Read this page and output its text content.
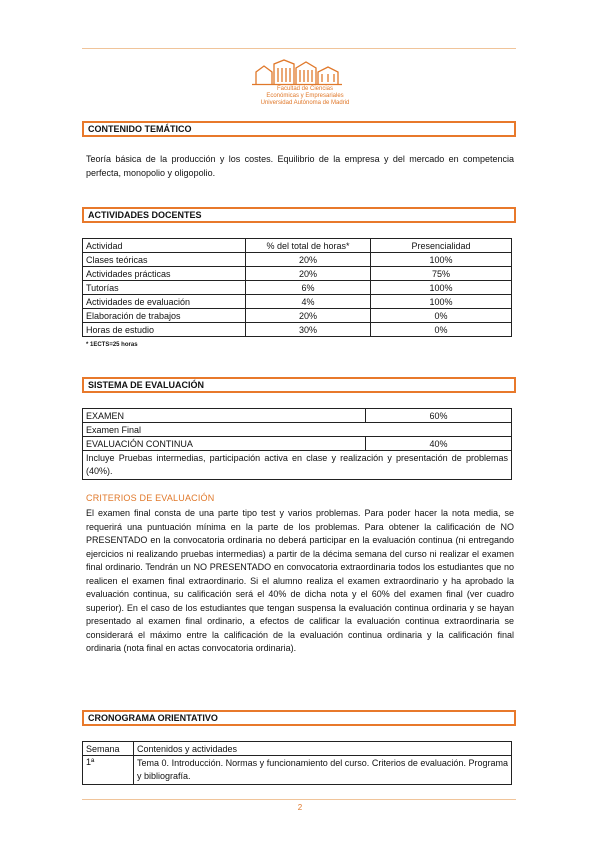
Facultad de Ciencias
Económicas y Empresariales
Universidad Autónoma de Madrid
CONTENIDO TEMÁTICO
Teoría básica de la producción y los costes. Equilibrio de la empresa y del mercado en competencia perfecta, monopolio y oligopolio.
ACTIVIDADES DOCENTES
Actividad	% del total de horas*	Presencialidad
Clases teóricas	20%	100%
Actividades prácticas	20%	75%
Tutorías	6%	100%
Actividades de evaluación	4%	100%
Elaboración de trabajos	20%	0%
Horas de estudio	30%	0%
* 1ECTS=25 horas
SISTEMA DE EVALUACIÓN
EXAMEN	60%
Examen Final	
EVALUACIÓN CONTINUA	40%
Incluye Pruebas intermedias, participación activa en clase y realización y presentación de problemas (40%).	
CRITERIOS DE EVALUACIÓN
El examen final consta de una parte tipo test y varios problemas. Para poder hacer la nota media, se requerirá una puntuación mínima en la parte de los problemas. Para obtener la calificación de NO PRESENTADO en la convocatoria ordinaria no deberá participar en la evaluación continua (ni entregando ejercicios ni realizando pruebas intermedias) a partir de la décima semana del curso ni realizar el examen final ordinario. Tendrán un NO PRESENTADO en convocatoria extraordinaria todos los estudiantes que no realicen el examen final extraordinario. Si el alumno realiza el examen extraordinario y ha aprobado la evaluación continua, su calificación será el 40% de dicha nota y el 60% del examen final (ver cuadro superior). En el caso de los estudiantes que tengan suspensa la evaluación continua ordinaria y se hayan presentado al examen final ordinario, a efectos de calificar la evaluación continua extraordinaria se considerará el máximo entre la calificación de la evaluación continua ordinaria y la calificación final ordinaria (nota final en actas convocatoria ordinaria).
CRONOGRAMA ORIENTATIVO
Semana	Contenidos y actividades
1ª	Tema 0. Introducción. Normas y funcionamiento del curso. Criterios de evaluación. Programa y bibliografía.
2
